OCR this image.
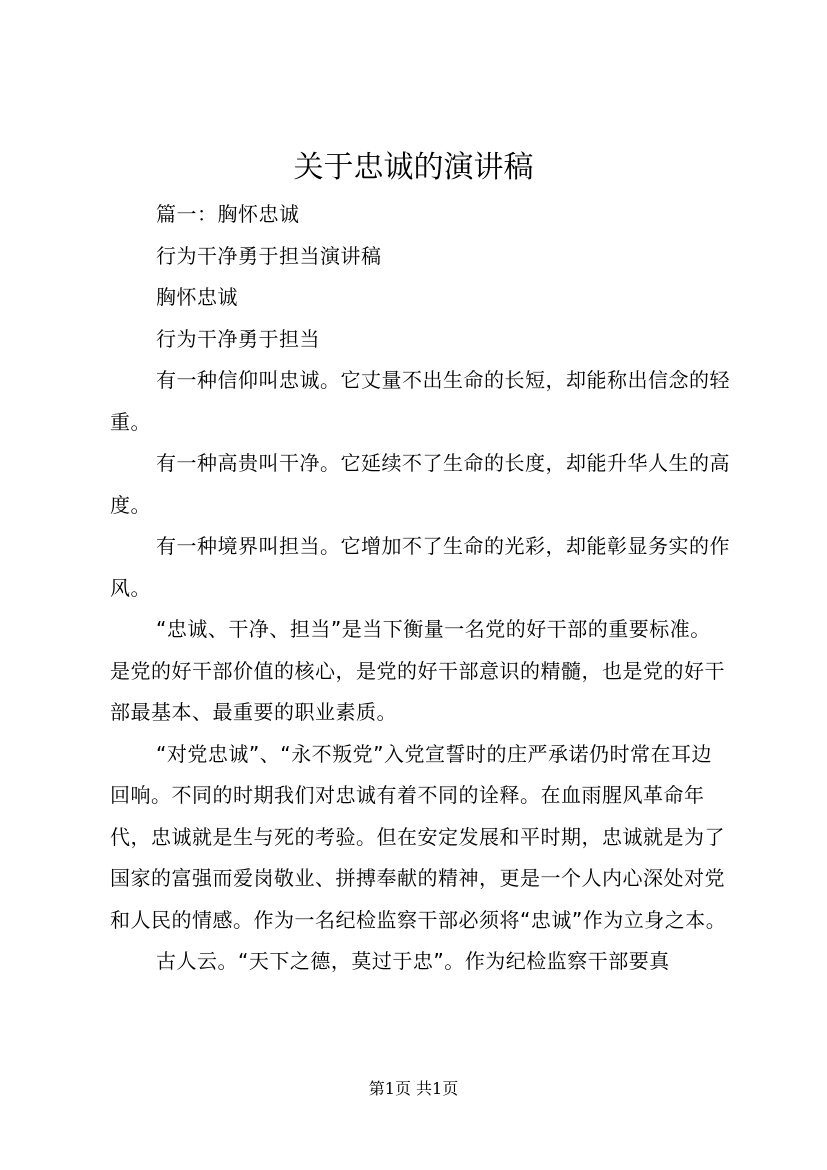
关于忠诚的演讲稿

篇一：胸怀忠诚

行为干净勇于担当演讲稿

胸怀忠诚

行为干净勇于担当

有一种信仰叫忠诚。它丈量不出生命的长短，却能称出信念的轻重。

有一种高贵叫干净。它延续不了生命的长度，却能升华人生的高度。

有一种境界叫担当。它增加不了生命的光彩，却能彰显务实的作风。

“忠诚、干净、担当”是当下衡量一名党的好干部的重要标准。是党的好干部价值的核心，是党的好干部意识的精髓，也是党的好干部最基本、最重要的职业素质。

“对党忠诚”、“永不叛党”入党宣誓时的庄严承诺仍时常在耳边回响。不同的时期我们对忠诚有着不同的诠释。在血雨腥风革命年代，忠诚就是生与死的考验。但在安定发展和平时期，忠诚就是为了国家的富强而爱岗敬业、拼搏奉献的精神，更是一个人内心深处对党和人民的情感。作为一名纪检监察干部必须将“忠诚”作为立身之本。

古人云。“天下之德，莫过于忠”。作为纪检监察干部要真

第1页 共1页
